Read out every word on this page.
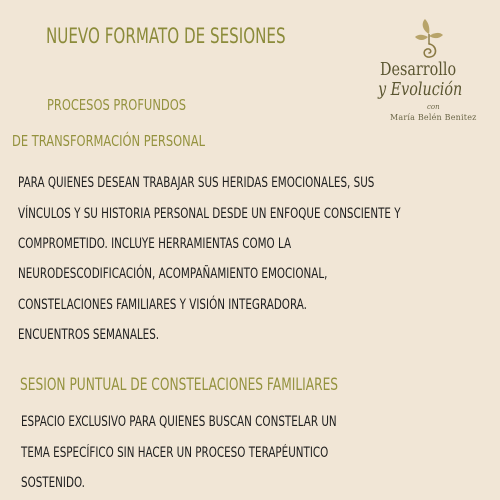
NUEVO FORMATO DE SESIONES
Desarrollo
y Evolución
con
María Belén Benitez
PROCESOS PROFUNDOS
DE TRANSFORMACIÓN PERSONAL
PARA QUIENES DESEAN TRABAJAR SUS HERIDAS EMOCIONALES, SUS
VÍNCULOS Y SU HISTORIA PERSONAL DESDE UN ENFOQUE CONSCIENTE Y
COMPROMETIDO. INCLUYE HERRAMIENTAS COMO LA
NEURODESCODIFICACIÓN, ACOMPAÑAMIENTO EMOCIONAL,
CONSTELACIONES FAMILIARES Y VISIÓN INTEGRADORA.
ENCUENTROS SEMANALES.
SESION PUNTUAL DE CONSTELACIONES FAMILIARES
ESPACIO EXCLUSIVO PARA QUIENES BUSCAN CONSTELAR UN
TEMA ESPECÍFICO SIN HACER UN PROCESO TERAPÉUNTICO
SOSTENIDO.
